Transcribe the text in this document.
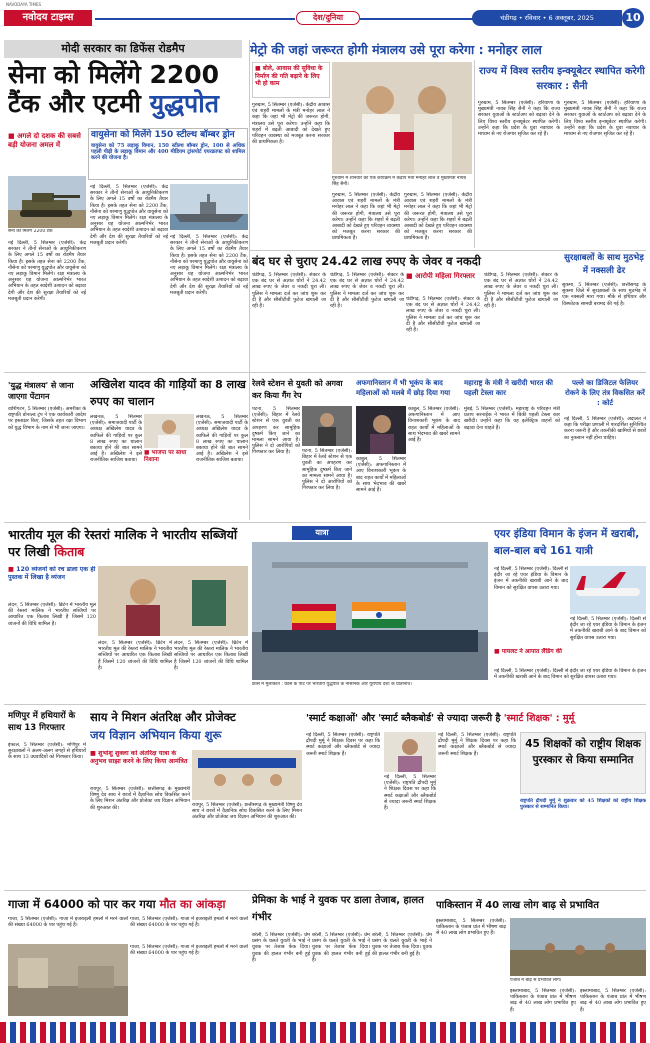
नवोदय टाइम्स
NAVODAYA TIMES
देश/दुनिया	चंडीगढ़ • रविवार • 6 अक्तूबर, 2025	10
मोदी सरकार का डिफेंस रोडमैप
सेना को मिलेंगे 2200
टैंक और एटमी युद्धपोत
■ अगले दो दशक की सबसे बड़ी योजना अमल में
वायुसेना को मिलेंगे 150 स्टील्थ बॉम्बर ड्रोन
वायुसेना को 75 लड़ाकू विमान, 150 स्टील्थ बॉम्बर ड्रोन, 100 से अधिक पहली पीढ़ी के लड़ाकू विमान और 400 मीडियम ट्रांसपोर्ट एयरक्राफ्ट को शामिल करने की योजना है।
सेना को मिलेंगे 2200 टैंक
नई दिल्ली, 5 सितम्बर (एजेंसी): केंद्र सरकार ने तीनों सेनाओं के आधुनिकीकरण के लिए अगले 15 वर्षों का रोडमैप तैयार किया है। इसके तहत सेना को 2200 टैंक, नौसेना को परमाणु युद्धपोत और वायुसेना को नए लड़ाकू विमान मिलेंगे। रक्षा मंत्रालय के अनुसार यह योजना आत्मनिर्भर भारत अभियान के तहत स्वदेशी उत्पादन को बढ़ावा देगी और देश की सुरक्षा तैयारियों को नई मजबूती प्रदान करेगी।
नई दिल्ली, 5 सितम्बर (एजेंसी): केंद्र सरकार ने तीनों सेनाओं के आधुनिकीकरण के लिए अगले 15 वर्षों का रोडमैप तैयार किया है। इसके तहत सेना को 2200 टैंक, नौसेना को परमाणु युद्धपोत और वायुसेना को नए लड़ाकू विमान मिलेंगे। रक्षा मंत्रालय के अनुसार यह योजना आत्मनिर्भर भारत अभियान के तहत स्वदेशी उत्पादन को बढ़ावा देगी और देश की सुरक्षा तैयारियों को नई मजबूती प्रदान करेगी।
नई दिल्ली, 5 सितम्बर (एजेंसी): केंद्र सरकार ने तीनों सेनाओं के आधुनिकीकरण के लिए अगले 15 वर्षों का रोडमैप तैयार किया है। इसके तहत सेना को 2200 टैंक, नौसेना को परमाणु युद्धपोत और वायुसेना को नए लड़ाकू विमान मिलेंगे। रक्षा मंत्रालय के अनुसार यह योजना आत्मनिर्भर भारत अभियान के तहत स्वदेशी उत्पादन को बढ़ावा देगी और देश की सुरक्षा तैयारियों को नई मजबूती प्रदान करेगी।
मेट्रो की जहां जरूरत होगी मंत्रालय उसे पूरा करेगा : मनोहर लाल
■ बोले, आवास की सुविधा के निर्माण की गति बढ़ाने के लिए भी हो काम
गुरुग्राम, 5 सितम्बर (एजेंसी): केंद्रीय आवास एवं शहरी मामलों के मंत्री मनोहर लाल ने कहा कि जहां भी मेट्रो की जरूरत होगी, मंत्रालय उसे पूरा करेगा। उन्होंने कहा कि शहरों में बढ़ती आबादी को देखते हुए परिवहन व्यवस्था को मजबूत करना सरकार की प्राथमिकता है।
गुरुग्राम में शनिवार को एक कार्यक्रम में केंद्रीय मंत्री मनोहर लाल व मुख्यमंत्री नायब सिंह सैनी।
गुरुग्राम, 5 सितम्बर (एजेंसी): केंद्रीय आवास एवं शहरी मामलों के मंत्री मनोहर लाल ने कहा कि जहां भी मेट्रो की जरूरत होगी, मंत्रालय उसे पूरा करेगा। उन्होंने कहा कि शहरों में बढ़ती आबादी को देखते हुए परिवहन व्यवस्था को मजबूत करना सरकार की प्राथमिकता है।
गुरुग्राम, 5 सितम्बर (एजेंसी): केंद्रीय आवास एवं शहरी मामलों के मंत्री मनोहर लाल ने कहा कि जहां भी मेट्रो की जरूरत होगी, मंत्रालय उसे पूरा करेगा। उन्होंने कहा कि शहरों में बढ़ती आबादी को देखते हुए परिवहन व्यवस्था को मजबूत करना सरकार की प्राथमिकता है।
राज्य में विश्व स्तरीय इन्क्यूबेटर स्थापित करेगी सरकार : सैनी
गुरुग्राम, 5 सितम्बर (एजेंसी): हरियाणा के मुख्यमंत्री नायब सिंह सैनी ने कहा कि राज्य सरकार युवाओं के स्टार्टअप को बढ़ावा देने के लिए विश्व स्तरीय इन्क्यूबेटर स्थापित करेगी। उन्होंने कहा कि प्रदेश के युवा नवाचार के माध्यम से नए रोजगार सृजित कर रहे हैं।
गुरुग्राम, 5 सितम्बर (एजेंसी): हरियाणा के मुख्यमंत्री नायब सिंह सैनी ने कहा कि राज्य सरकार युवाओं के स्टार्टअप को बढ़ावा देने के लिए विश्व स्तरीय इन्क्यूबेटर स्थापित करेगी। उन्होंने कहा कि प्रदेश के युवा नवाचार के माध्यम से नए रोजगार सृजित कर रहे हैं।
बंद घर से चुराए 24.42 लाख रुपए के जेवर व नकदी
चंडीगढ़, 5 सितम्बर (एजेंसी): सेक्टर के एक बंद घर से अज्ञात चोरों ने 24.42 लाख रुपए के जेवर व नकदी चुरा ली। पुलिस ने मामला दर्ज कर जांच शुरू कर दी है और सीसीटीवी फुटेज खंगाली जा रही है।
चंडीगढ़, 5 सितम्बर (एजेंसी): सेक्टर के एक बंद घर से अज्ञात चोरों ने 24.42 लाख रुपए के जेवर व नकदी चुरा ली। पुलिस ने मामला दर्ज कर जांच शुरू कर दी है और सीसीटीवी फुटेज खंगाली जा रही है।
■ आरोपी महिला गिरफ्तार
चंडीगढ़, 5 सितम्बर (एजेंसी): सेक्टर के एक बंद घर से अज्ञात चोरों ने 24.42 लाख रुपए के जेवर व नकदी चुरा ली। पुलिस ने मामला दर्ज कर जांच शुरू कर दी है और सीसीटीवी फुटेज खंगाली जा रही है।
चंडीगढ़, 5 सितम्बर (एजेंसी): सेक्टर के एक बंद घर से अज्ञात चोरों ने 24.42 लाख रुपए के जेवर व नकदी चुरा ली। पुलिस ने मामला दर्ज कर जांच शुरू कर दी है और सीसीटीवी फुटेज खंगाली जा रही है।
सुरक्षाबलों के साथ मुठभेड़ में नक्सली ढेर
सुकमा, 5 सितम्बर (एजेंसी): छत्तीसगढ़ के सुकमा जिले में सुरक्षाबलों के साथ मुठभेड़ में एक नक्सली मारा गया। मौके से हथियार और विस्फोटक सामग्री बरामद की गई है।
'युद्ध मंत्रालय' से जाना जाएगा पेंटागन
वाशिंगटन, 5 सितम्बर (एजेंसी): अमरीका के राष्ट्रपति डोनाल्ड ट्रंप ने एक कार्यकारी आदेश पर हस्ताक्षर किए, जिसके तहत रक्षा विभाग को युद्ध विभाग के नाम से भी जाना जाएगा।
अखिलेश यादव की गाड़ियों का 8 लाख रुपए का चालान
लखनऊ, 5 सितम्बर (एजेंसी): समाजवादी पार्टी के अध्यक्ष अखिलेश यादव के काफिले की गाड़ियों पर कुल 8 लाख रुपए का चालान बकाया होने की बात सामने आई है। अखिलेश ने इसे राजनीतिक साजिश बताया।
■ भाजपा पर साधा निशाना
लखनऊ, 5 सितम्बर (एजेंसी): समाजवादी पार्टी के अध्यक्ष अखिलेश यादव के काफिले की गाड़ियों पर कुल 8 लाख रुपए का चालान बकाया होने की बात सामने आई है। अखिलेश ने इसे राजनीतिक साजिश बताया।
रेलवे स्टेशन से युवती को अगवा कर किया गैंग रेप
पटना, 5 सितम्बर (एजेंसी): बिहार में रेलवे स्टेशन से एक युवती का अपहरण कर सामूहिक दुष्कर्म किए जाने का मामला सामने आया है। पुलिस ने दो आरोपियों को गिरफ्तार कर लिया है।	पटना, 5 सितम्बर (एजेंसी): बिहार में रेलवे स्टेशन से एक युवती का अपहरण कर सामूहिक दुष्कर्म किए जाने का मामला सामने आया है। पुलिस ने दो आरोपियों को गिरफ्तार कर लिया है।
अफगानिस्तान में भी भूकंप के बाद महिलाओं को मलबे में छोड़ दिया गया
काबुल, 5 सितम्बर (एजेंसी): अफगानिस्तान में आए विनाशकारी भूकंप के बाद राहत कार्यों में महिलाओं के साथ भेदभाव की खबरें सामने आई हैं।
काबुल, 5 सितम्बर (एजेंसी): अफगानिस्तान में आए विनाशकारी भूकंप के बाद राहत कार्यों में महिलाओं के साथ भेदभाव की खबरें सामने आई हैं।
महाराष्ट्र के मंत्री ने खरीदी भारत की पहली टेस्ला कार
मुंबई, 5 सितम्बर (एजेंसी): महाराष्ट्र के परिवहन मंत्री प्रताप सरनाईक ने भारत में बिकी पहली टेस्ला कार खरीदी। उन्होंने कहा कि वह इलेक्ट्रिक वाहनों को बढ़ावा देना चाहते हैं।
पल्ले का डिजिटल फेलियर रोकने के लिए तंत्र विकसित करें : कोर्ट
नई दिल्ली, 5 सितम्बर (एजेंसी): अदालत ने कहा कि परीक्षा प्रणाली में पारदर्शिता सुनिश्चित करना जरूरी है और तकनीकी खामियों से छात्रों का नुकसान नहीं होना चाहिए।
भारतीय मूल की रेस्तरां मालिक ने भारतीय सब्जियों पर लिखी किताब
■ 120 व्यंजनों को रच डाला एक ही पुस्तक में लिखा है व्यंजन
लंदन, 5 सितम्बर (एजेंसी): ब्रिटेन में भारतीय मूल की रेस्तरां मालिक ने भारतीय सब्जियों पर आधारित एक किताब लिखी है जिसमें 120 व्यंजनों की विधि शामिल है।
लंदन, 5 सितम्बर (एजेंसी): ब्रिटेन में भारतीय मूल की रेस्तरां मालिक ने भारतीय सब्जियों पर आधारित एक किताब लिखी है जिसमें 120 व्यंजनों की विधि शामिल है।
लंदन, 5 सितम्बर (एजेंसी): ब्रिटेन में भारतीय मूल की रेस्तरां मालिक ने भारतीय सब्जियों पर आधारित एक किताब लिखी है जिसमें 120 व्यंजनों की विधि शामिल है।
यात्रा
फ्रांस में मुलाकात : फ्रांस के पोर्ट पर भारतीय युद्धपोत के नौसैनिक और यूरोपीय देशों के प्रतिनिधि।
एयर इंडिया विमान के इंजन में खराबी, बाल-बाल बचे 161 यात्री
नई दिल्ली, 5 सितम्बर (एजेंसी): दिल्ली से इंदौर जा रहे एयर इंडिया के विमान के इंजन में तकनीकी खराबी आने के बाद विमान को सुरक्षित वापस उतारा गया।
नई दिल्ली, 5 सितम्बर (एजेंसी): दिल्ली से इंदौर जा रहे एयर इंडिया के विमान के इंजन में तकनीकी खराबी आने के बाद विमान को सुरक्षित वापस उतारा गया।
■ पायलट ने आपात लैंडिंग की
नई दिल्ली, 5 सितम्बर (एजेंसी): दिल्ली से इंदौर जा रहे एयर इंडिया के विमान के इंजन में तकनीकी खराबी आने के बाद विमान को सुरक्षित वापस उतारा गया।
मणिपुर में हथियारों के साथ 13 गिरफ्तार
इंफाल, 5 सितम्बर (एजेंसी): मणिपुर में सुरक्षाबलों ने अलग-अलग जगहों से हथियारों के साथ 13 उग्रवादियों को गिरफ्तार किया।
साय ने मिशन अंतरिक्ष और प्रोजेक्ट
जय विज्ञान अभियान किया शुरू
■ शुभांशु शुक्ला को अंतरिक्ष यात्रा के अनुभव साझा करने के लिए किया आमंत्रित
रायपुर, 5 सितम्बर (एजेंसी): छत्तीसगढ़ के मुख्यमंत्री विष्णु देव साय ने छात्रों में वैज्ञानिक सोच विकसित करने के लिए मिशन अंतरिक्ष और प्रोजेक्ट जय विज्ञान अभियान की शुरुआत की।	रायपुर, 5 सितम्बर (एजेंसी): छत्तीसगढ़ के मुख्यमंत्री विष्णु देव साय ने छात्रों में वैज्ञानिक सोच विकसित करने के लिए मिशन अंतरिक्ष और प्रोजेक्ट जय विज्ञान अभियान की शुरुआत की।
'स्मार्ट कक्षाओं' और 'स्मार्ट ब्लैकबोर्ड' से ज्यादा जरूरी है 'स्मार्ट शिक्षक' : मुर्मू
नई दिल्ली, 5 सितम्बर (एजेंसी): राष्ट्रपति द्रौपदी मुर्मू ने शिक्षक दिवस पर कहा कि स्मार्ट कक्षाओं और ब्लैकबोर्ड से ज्यादा जरूरी स्मार्ट शिक्षक हैं।
नई दिल्ली, 5 सितम्बर (एजेंसी): राष्ट्रपति द्रौपदी मुर्मू ने शिक्षक दिवस पर कहा कि स्मार्ट कक्षाओं और ब्लैकबोर्ड से ज्यादा जरूरी स्मार्ट शिक्षक हैं।
नई दिल्ली, 5 सितम्बर (एजेंसी): राष्ट्रपति द्रौपदी मुर्मू ने शिक्षक दिवस पर कहा कि स्मार्ट कक्षाओं और ब्लैकबोर्ड से ज्यादा जरूरी स्मार्ट शिक्षक हैं।
45 शिक्षकों को राष्ट्रीय शिक्षक पुरस्कार से किया सम्मानित
राष्ट्रपति द्रौपदी मुर्मू ने शुक्रवार को 45 शिक्षकों को राष्ट्रीय शिक्षक पुरस्कार से सम्मानित किया।
गाजा में 64000 को पार कर गया मौत का आंकड़ा
गाजा, 5 सितम्बर (एजेंसी): गाजा में इजराइली हमलों में मरने वालों की संख्या 64000 के पार पहुंच गई है।
गाजा, 5 सितम्बर (एजेंसी): गाजा में इजराइली हमलों में मरने वालों की संख्या 64000 के पार पहुंच गई है।
गाजा, 5 सितम्बर (एजेंसी): गाजा में इजराइली हमलों में मरने वालों की संख्या 64000 के पार पहुंच गई है।
प्रेमिका के भाई ने युवक पर डाला तेजाब, हालत गंभीर
बरेली, 5 सितम्बर (एजेंसी): प्रेम प्रसंग के चलते युवती के भाई ने युवक पर तेजाब फेंक दिया। युवक की हालत गंभीर बनी हुई है।
बरेली, 5 सितम्बर (एजेंसी): प्रेम प्रसंग के चलते युवती के भाई ने युवक पर तेजाब फेंक दिया। युवक की हालत गंभीर बनी हुई है।
बरेली, 5 सितम्बर (एजेंसी): प्रेम प्रसंग के चलते युवती के भाई ने युवक पर तेजाब फेंक दिया। युवक की हालत गंभीर बनी हुई है।
पाकिस्तान में 40 लाख लोग बाढ़ से प्रभावित
इस्लामाबाद, 5 सितम्बर (एजेंसी): पाकिस्तान के पंजाब प्रांत में भीषण बाढ़ से 40 लाख लोग प्रभावित हुए हैं।
पंजाब में बाढ़ से प्रभावित लोग।
इस्लामाबाद, 5 सितम्बर (एजेंसी): पाकिस्तान के पंजाब प्रांत में भीषण बाढ़ से 40 लाख लोग प्रभावित हुए हैं।
इस्लामाबाद, 5 सितम्बर (एजेंसी): पाकिस्तान के पंजाब प्रांत में भीषण बाढ़ से 40 लाख लोग प्रभावित हुए हैं।
